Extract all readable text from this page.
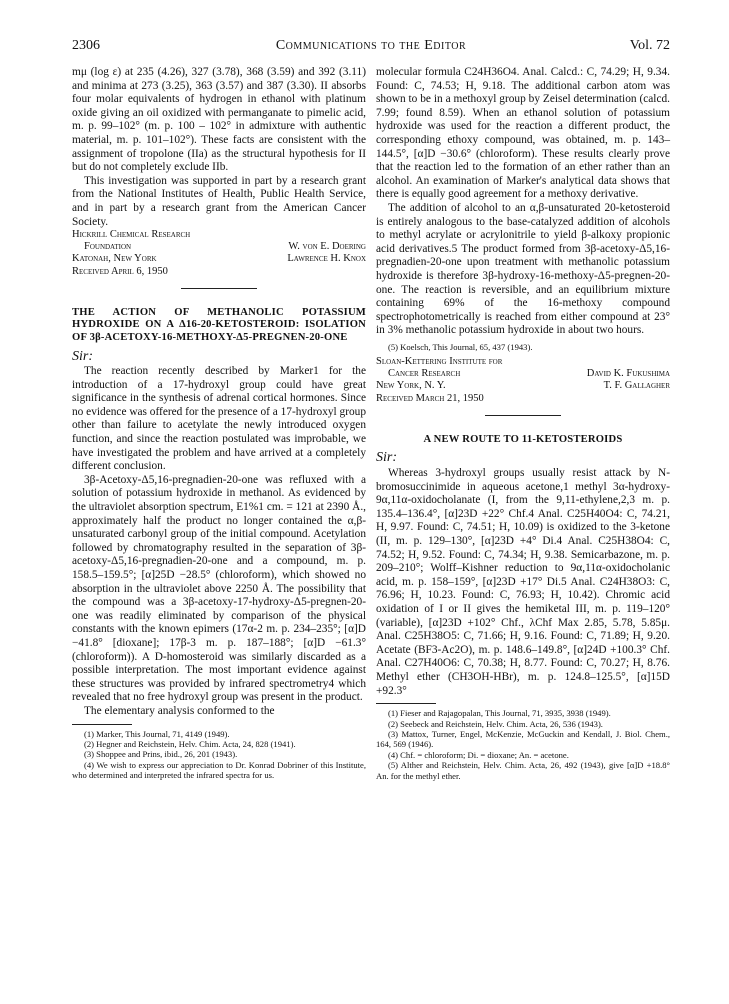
2306	Communications to the Editor	Vol. 72

mμ (log ε) at 235 (4.26), 327 (3.78), 368 (3.59) and 392 (3.11) and minima at 273 (3.25), 363 (3.57) and 387 (3.30). II absorbs four molar equivalents of hydrogen in ethanol with platinum oxide giving an oil oxidized with permanganate to pimelic acid, m. p. 99–102° (m. p. 100 – 102° in admixture with authentic material, m. p. 101–102°). These facts are consistent with the assignment of tropolone (IIa) as the structural hypothesis for II but do not completely exclude IIb.

This investigation was supported in part by a research grant from the National Institutes of Health, Public Health Service, and in part by a research grant from the American Cancer Society.

Hickrill Chemical Research
Foundation	W. von E. Doering
Katonah, New York	Lawrence H. Knox

Received April 6, 1950

THE ACTION OF METHANOLIC POTASSIUM HYDROXIDE ON A Δ16-20-KETOSTEROID: ISOLATION OF 3β-ACETOXY-16-METHOXY-Δ5-PREGNEN-20-ONE

Sir:

The reaction recently described by Marker1 for the introduction of a 17-hydroxyl group could have great significance in the synthesis of adrenal cortical hormones. Since no evidence was offered for the presence of a 17-hydroxyl group other than failure to acetylate the newly introduced oxygen function, and since the reaction postulated was improbable, we have investigated the problem and have arrived at a completely different conclusion.

3β-Acetoxy-Δ5,16-pregnadien-20-one was refluxed with a solution of potassium hydroxide in methanol. As evidenced by the ultraviolet absorption spectrum, E1%1 cm. = 121 at 2390 Å., approximately half the product no longer contained the α,β-unsaturated carbonyl group of the initial compound. Acetylation followed by chromatography resulted in the separation of 3β-acetoxy-Δ5,16-pregnadien-20-one and a compound, m. p. 158.5–159.5°; [α]25D −28.5° (chloroform), which showed no absorption in the ultraviolet above 2250 Å. The possibility that the compound was a 3β-acetoxy-17-hydroxy-Δ5-pregnen-20-one was readily eliminated by comparison of the physical constants with the known epimers (17α-2 m. p. 234–235°; [α]D −41.8° [dioxane]; 17β-3 m. p. 187–188°; [α]D −61.3° (chloroform)). A D-homosteroid was similarly discarded as a possible interpretation. The most important evidence against these structures was provided by infrared spectrometry4 which revealed that no free hydroxyl group was present in the product.

The elementary analysis conformed to the

(1) Marker, This Journal, 71, 4149 (1949).

(2) Hegner and Reichstein, Helv. Chim. Acta, 24, 828 (1941).

(3) Shoppee and Prins, ibid., 26, 201 (1943).

(4) We wish to express our appreciation to Dr. Konrad Dobriner of this Institute, who determined and interpreted the infrared spectra for us.

molecular formula C24H36O4. Anal. Calcd.: C, 74.29; H, 9.34. Found: C, 74.53; H, 9.18. The additional carbon atom was shown to be in a methoxyl group by Zeisel determination (calcd. 7.99; found 8.59). When an ethanol solution of potassium hydroxide was used for the reaction a different product, the corresponding ethoxy compound, was obtained, m. p. 143–144.5°, [α]D −30.6° (chloroform). These results clearly prove that the reaction led to the formation of an ether rather than an alcohol. An examination of Marker's analytical data shows that there is equally good agreement for a methoxy derivative.

The addition of alcohol to an α,β-unsaturated 20-ketosteroid is entirely analogous to the base-catalyzed addition of alcohols to methyl acrylate or acrylonitrile to yield β-alkoxy propionic acid derivatives.5 The product formed from 3β-acetoxy-Δ5,16-pregnadien-20-one upon treatment with methanolic potassium hydroxide is therefore 3β-hydroxy-16-methoxy-Δ5-pregnen-20-one. The reaction is reversible, and an equilibrium mixture containing 69% of the 16-methoxy compound spectrophotometrically is reached from either compound at 23° in 3% methanolic potassium hydroxide in about two hours.

(5) Koelsch, This Journal, 65, 437 (1943).

Sloan-Kettering Institute for
Cancer Research	David K. Fukushima
New York, N. Y.	T. F. Gallagher

Received March 21, 1950

A NEW ROUTE TO 11-KETOSTEROIDS

Sir:

Whereas 3-hydroxyl groups usually resist attack by N-bromosuccinimide in aqueous acetone,1 methyl 3α-hydroxy-9α,11α-oxidocholanate (I, from the 9,11-ethylene,2,3 m. p. 135.4–136.4°, [α]23D +22° Chf.4 Anal. C25H40O4: C, 74.21, H, 9.97. Found: C, 74.51; H, 10.09) is oxidized to the 3-ketone (II, m. p. 129–130°, [α]23D +4° Di.4 Anal. C25H38O4: C, 74.52; H, 9.52. Found: C, 74.34; H, 9.38. Semicarbazone, m. p. 209–210°; Wolff–Kishner reduction to 9α,11α-oxidocholanic acid, m. p. 158–159°, [α]23D +17° Di.5 Anal. C24H38O3: C, 76.96; H, 10.23. Found: C, 76.93; H, 10.42). Chromic acid oxidation of I or II gives the hemiketal III, m. p. 119–120° (variable), [α]23D +102° Chf., λChf Max 2.85, 5.78, 5.85μ. Anal. C25H38O5: C, 71.66; H, 9.16. Found: C, 71.89; H, 9.20. Acetate (BF3-Ac2O), m. p. 148.6–149.8°, [α]24D +100.3° Chf. Anal. C27H40O6: C, 70.38; H, 8.77. Found: C, 70.27; H, 8.76. Methyl ether (CH3OH-HBr), m. p. 124.8–125.5°, [α]15D +92.3°

(1) Fieser and Rajagopalan, This Journal, 71, 3935, 3938 (1949).

(2) Seebeck and Reichstein, Helv. Chim. Acta, 26, 536 (1943).

(3) Mattox, Turner, Engel, McKenzie, McGuckin and Kendall, J. Biol. Chem., 164, 569 (1946).

(4) Chf. = chloroform; Di. = dioxane; An. = acetone.

(5) Alther and Reichstein, Helv. Chim. Acta, 26, 492 (1943), give [α]D +18.8° An. for the methyl ether.
